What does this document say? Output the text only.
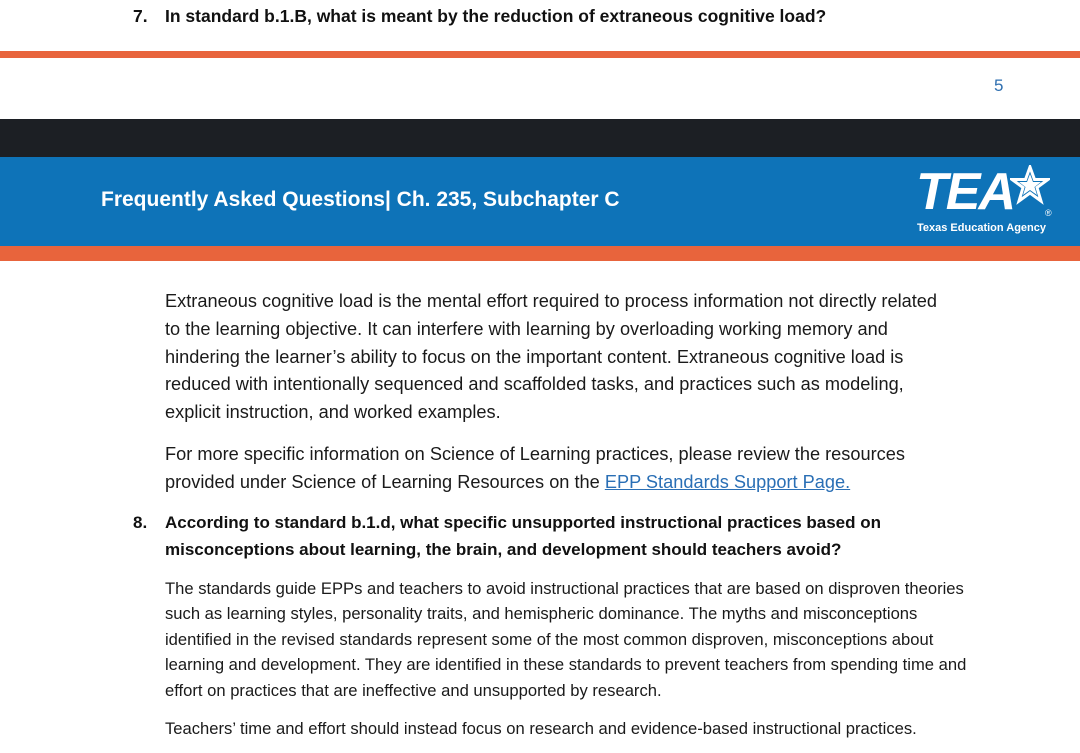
7. In standard b.1.B, what is meant by the reduction of extraneous cognitive load?
5
Frequently Asked Questions| Ch. 235, Subchapter C	TEA	®
Texas Education Agency

Extraneous cognitive load is the mental effort required to process information not directly related to the learning objective. It can interfere with learning by overloading working memory and hindering the learner’s ability to focus on the important content. Extraneous cognitive load is reduced with intentionally sequenced and scaffolded tasks, and practices such as modeling, explicit instruction, and worked examples.

For more specific information on Science of Learning practices, please review the resources provided under Science of Learning Resources on the EPP Standards Support Page.

8. According to standard b.1.d, what specific unsupported instructional practices based on misconceptions about learning, the brain, and development should teachers avoid?

The standards guide EPPs and teachers to avoid instructional practices that are based on disproven theories such as learning styles, personality traits, and hemispheric dominance. The myths and misconceptions identified in the revised standards represent some of the most common disproven, misconceptions about learning and development. They are identified in these standards to prevent teachers from spending time and effort on practices that are ineffective and unsupported by research.

Teachers’ time and effort should instead focus on research and evidence-based instructional practices.
